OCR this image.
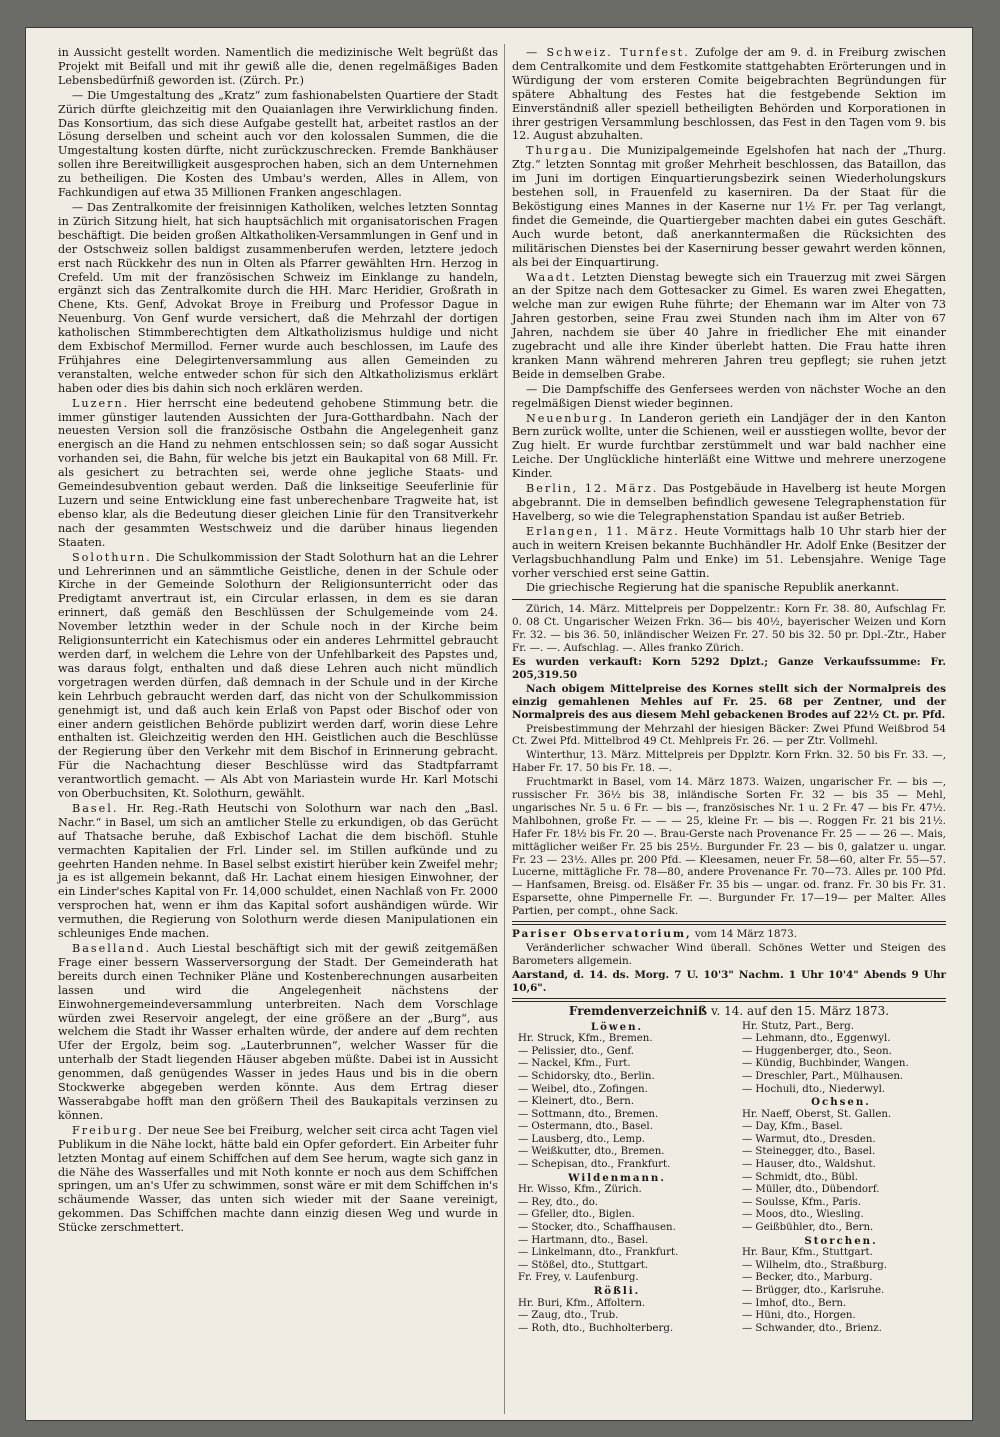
in Aussicht gestellt worden. Namentlich die medizinische Welt begrüßt das Projekt mit Beifall und mit ihr gewiß alle die, denen regelmäßiges Baden Lebensbedürfniß geworden ist. (Zürch. Pr.)

— Die Umgestaltung des „Kratz“ zum fashionabelsten Quartiere der Stadt Zürich dürfte gleichzeitig mit den Quaianlagen ihre Verwirklichung finden. Das Konsortium, das sich diese Aufgabe gestellt hat, arbeitet rastlos an der Lösung derselben und scheint auch vor den kolossalen Summen, die die Umgestaltung kosten dürfte, nicht zurückzuschrecken. Fremde Bankhäuser sollen ihre Bereitwilligkeit ausgesprochen haben, sich an dem Unternehmen zu betheiligen. Die Kosten des Umbau's werden, Alles in Allem, von Fachkundigen auf etwa 35 Millionen Franken angeschlagen.

— Das Zentralkomite der freisinnigen Katholiken, welches letzten Sonntag in Zürich Sitzung hielt, hat sich hauptsächlich mit organisatorischen Fragen beschäftigt. Die beiden großen Altkatholiken-Versammlungen in Genf und in der Ostschweiz sollen baldigst zusammenberufen werden, letztere jedoch erst nach Rückkehr des nun in Olten als Pfarrer gewählten Hrn. Herzog in Crefeld. Um mit der französischen Schweiz im Einklange zu handeln, ergänzt sich das Zentralkomite durch die HH. Marc Heridier, Großrath in Chene, Kts. Genf, Advokat Broye in Freiburg und Professor Dague in Neuenburg. Von Genf wurde versichert, daß die Mehrzahl der dortigen katholischen Stimmberechtigten dem Altkatholizismus huldige und nicht dem Exbischof Mermillod. Ferner wurde auch beschlossen, im Laufe des Frühjahres eine Delegirtenversammlung aus allen Gemeinden zu veranstalten, welche entweder schon für sich den Altkatholizismus erklärt haben oder dies bis dahin sich noch erklären werden.

Luzern. Hier herrscht eine bedeutend gehobene Stimmung betr. die immer günstiger lautenden Aussichten der Jura-Gotthardbahn. Nach der neuesten Version soll die französische Ostbahn die Angelegenheit ganz energisch an die Hand zu nehmen entschlossen sein; so daß sogar Aussicht vorhanden sei, die Bahn, für welche bis jetzt ein Baukapital von 68 Mill. Fr. als gesichert zu betrachten sei, werde ohne jegliche Staats- und Gemeindesubvention gebaut werden. Daß die linkseitige Seeuferlinie für Luzern und seine Entwicklung eine fast unberechenbare Tragweite hat, ist ebenso klar, als die Bedeutung dieser gleichen Linie für den Transitverkehr nach der gesammten Westschweiz und die darüber hinaus liegenden Staaten.

Solothurn. Die Schulkommission der Stadt Solothurn hat an die Lehrer und Lehrerinnen und an sämmtliche Geistliche, denen in der Schule oder Kirche in der Gemeinde Solothurn der Religionsunterricht oder das Predigtamt anvertraut ist, ein Circular erlassen, in dem es sie daran erinnert, daß gemäß den Beschlüssen der Schulgemeinde vom 24. November letzthin weder in der Schule noch in der Kirche beim Religionsunterricht ein Katechismus oder ein anderes Lehrmittel gebraucht werden darf, in welchem die Lehre von der Unfehlbarkeit des Papstes und, was daraus folgt, enthalten und daß diese Lehren auch nicht mündlich vorgetragen werden dürfen, daß demnach in der Schule und in der Kirche kein Lehrbuch gebraucht werden darf, das nicht von der Schulkommission genehmigt ist, und daß auch kein Erlaß von Papst oder Bischof oder von einer andern geistlichen Behörde publizirt werden darf, worin diese Lehre enthalten ist. Gleichzeitig werden den HH. Geistlichen auch die Beschlüsse der Regierung über den Verkehr mit dem Bischof in Erinnerung gebracht. Für die Nachachtung dieser Beschlüsse wird das Stadtpfarramt verantwortlich gemacht. — Als Abt von Mariastein wurde Hr. Karl Motschi von Oberbuchsiten, Kt. Solothurn, gewählt.

Basel. Hr. Reg.-Rath Heutschi von Solothurn war nach den „Basl. Nachr.“ in Basel, um sich an amtlicher Stelle zu erkundigen, ob das Gerücht auf Thatsache beruhe, daß Exbischof Lachat die dem bischöfl. Stuhle vermachten Kapitalien der Frl. Linder sel. im Stillen aufkünde und zu geehrten Handen nehme. In Basel selbst existirt hierüber kein Zweifel mehr; ja es ist allgemein bekannt, daß Hr. Lachat einem hiesigen Einwohner, der ein Linder'sches Kapital von Fr. 14,000 schuldet, einen Nachlaß von Fr. 2000 versprochen hat, wenn er ihm das Kapital sofort aushändigen würde. Wir vermuthen, die Regierung von Solothurn werde diesen Manipulationen ein schleuniges Ende machen.

Baselland. Auch Liestal beschäftigt sich mit der gewiß zeitgemäßen Frage einer bessern Wasserversorgung der Stadt. Der Gemeinderath hat bereits durch einen Techniker Pläne und Kostenberechnungen ausarbeiten lassen und wird die Angelegenheit nächstens der Einwohnergemeindeversammlung unterbreiten. Nach dem Vorschlage würden zwei Reservoir angelegt, der eine größere an der „Burg“, aus welchem die Stadt ihr Wasser erhalten würde, der andere auf dem rechten Ufer der Ergolz, beim sog. „Lauterbrunnen“, welcher Wasser für die unterhalb der Stadt liegenden Häuser abgeben müßte. Dabei ist in Aussicht genommen, daß genügendes Wasser in jedes Haus und bis in die obern Stockwerke abgegeben werden könnte. Aus dem Ertrag dieser Wasserabgabe hofft man den größern Theil des Baukapitals verzinsen zu können.

Freiburg. Der neue See bei Freiburg, welcher seit circa acht Tagen viel Publikum in die Nähe lockt, hätte bald ein Opfer gefordert. Ein Arbeiter fuhr letzten Montag auf einem Schiffchen auf dem See herum, wagte sich ganz in die Nähe des Wasserfalles und mit Noth konnte er noch aus dem Schiffchen springen, um an's Ufer zu schwimmen, sonst wäre er mit dem Schiffchen in's schäumende Wasser, das unten sich wieder mit der Saane vereinigt, gekommen. Das Schiffchen machte dann einzig diesen Weg und wurde in Stücke zerschmettert.

— Schweiz. Turnfest. Zufolge der am 9. d. in Freiburg zwischen dem Centralkomite und dem Festkomite stattgehabten Erörterungen und in Würdigung der vom ersteren Comite beigebrachten Begründungen für spätere Abhaltung des Festes hat die festgebende Sektion im Einverständniß aller speziell betheiligten Behörden und Korporationen in ihrer gestrigen Versammlung beschlossen, das Fest in den Tagen vom 9. bis 12. August abzuhalten.

Thurgau. Die Munizipalgemeinde Egelshofen hat nach der „Thurg. Ztg.“ letzten Sonntag mit großer Mehrheit beschlossen, das Bataillon, das im Juni im dortigen Einquartierungsbezirk seinen Wiederholungskurs bestehen soll, in Frauenfeld zu kaserniren. Da der Staat für die Beköstigung eines Mannes in der Kaserne nur 1½ Fr. per Tag verlangt, findet die Gemeinde, die Quartiergeber machten dabei ein gutes Geschäft. Auch wurde betont, daß anerkanntermaßen die Rücksichten des militärischen Dienstes bei der Kasernirung besser gewahrt werden können, als bei der Einquartirung.

Waadt. Letzten Dienstag bewegte sich ein Trauerzug mit zwei Särgen an der Spitze nach dem Gottesacker zu Gimel. Es waren zwei Ehegatten, welche man zur ewigen Ruhe führte; der Ehemann war im Alter von 73 Jahren gestorben, seine Frau zwei Stunden nach ihm im Alter von 67 Jahren, nachdem sie über 40 Jahre in friedlicher Ehe mit einander zugebracht und alle ihre Kinder überlebt hatten. Die Frau hatte ihren kranken Mann während mehreren Jahren treu gepflegt; sie ruhen jetzt Beide in demselben Grabe.

— Die Dampfschiffe des Genfersees werden von nächster Woche an den regelmäßigen Dienst wieder beginnen.

Neuenburg. In Landeron gerieth ein Landjäger der in den Kanton Bern zurück wollte, unter die Schienen, weil er ausstiegen wollte, bevor der Zug hielt. Er wurde furchtbar zerstümmelt und war bald nachher eine Leiche. Der Unglückliche hinterläßt eine Wittwe und mehrere unerzogene Kinder.

Berlin, 12. März. Das Postgebäude in Havelberg ist heute Morgen abgebrannt. Die in demselben befindlich gewesene Telegraphenstation für Havelberg, so wie die Telegraphenstation Spandau ist außer Betrieb.

Erlangen, 11. März. Heute Vormittags halb 10 Uhr starb hier der auch in weitern Kreisen bekannte Buchhändler Hr. Adolf Enke (Besitzer der Verlagsbuchhandlung Palm und Enke) im 51. Lebensjahre. Wenige Tage vorher verschied erst seine Gattin.

Die griechische Regierung hat die spanische Republik anerkannt.

Zürich, 14. März. Mittelpreis per Doppelzentr.: Korn Fr. 38. 80, Aufschlag Fr. 0. 08 Ct. Ungarischer Weizen Frkn. 36— bis 40½, bayerischer Weizen und Korn Fr. 32. — bis 36. 50, inländischer Weizen Fr. 27. 50 bis 32. 50 pr. Dpl.-Ztr., Haber Fr. —. —. Aufschlag. —. Alles franko Zürich.

Es wurden verkauft: Korn 5292 Dplzt.; Ganze Verkaufssumme: Fr. 205,319.50

Nach obigem Mittelpreise des Kornes stellt sich der Normalpreis des einzig gemahlenen Mehles auf Fr. 25. 68 per Zentner, und der Normalpreis des aus diesem Mehl gebackenen Brodes auf 22½ Ct. pr. Pfd.

Preisbestimmung der Mehrzahl der hiesigen Bäcker: Zwei Pfund Weißbrod 54 Ct. Zwei Pfd. Mittelbrod 49 Ct. Mehlpreis Fr. 26. — per Ztr. Vollmehl.

Winterthur, 13. März. Mittelpreis per Dpplztr. Korn Frkn. 32. 50 bis Fr. 33. —, Haber Fr. 17. 50 bis Fr. 18. —.

Fruchtmarkt in Basel, vom 14. März 1873. Waizen, ungarischer Fr. — bis —, russischer Fr. 36½ bis 38, inländische Sorten Fr. 32 — bis 35 — Mehl, ungarisches Nr. 5 u. 6 Fr. — bis —, französisches Nr. 1 u. 2 Fr. 47 — bis Fr. 47½. Mahlbohnen, große Fr. — — — 25, kleine Fr. — bis —. Roggen Fr. 21 bis 21½. Hafer Fr. 18½ bis Fr. 20 —. Brau-Gerste nach Provenance Fr. 25 — — 26 —. Mais, mittäglicher weißer Fr. 25 bis 25½. Burgunder Fr. 23 — bis 0, galatzer u. ungar. Fr. 23 — 23½. Alles pr. 200 Pfd. — Kleesamen, neuer Fr. 58—60, alter Fr. 55—57. Lucerne, mittägliche Fr. 78—80, andere Provenance Fr. 70—73. Alles pr. 100 Pfd. — Hanfsamen, Breisg. od. Elsäßer Fr. 35 bis — ungar. od. franz. Fr. 30 bis Fr. 31. Esparsette, ohne Pimpernelle Fr. —. Burgunder Fr. 17—19— per Malter. Alles Partien, per compt., ohne Sack.

Pariser Observatorium, vom 14 März 1873.

Veränderlicher schwacher Wind überall. Schönes Wetter und Steigen des Barometers allgemein.

Aarstand, d. 14. ds. Morg. 7 U. 10'3" Nachm. 1 Uhr 10'4" Abends 9 Uhr 10,6".

Fremdenverzeichniß v. 14. auf den 15. März 1873.
Löwen.
Hr. Struck, Kfm., Bremen.
— Pelissier, dto., Genf.
— Nackel, Kfm., Furt.
— Schidorsky, dto., Berlin.
— Weibel, dto., Zofingen.
— Kleinert, dto., Bern.
— Sottmann, dto., Bremen.
— Ostermann, dto., Basel.
— Lausberg, dto., Lemp.
— Weißkutter, dto., Bremen.
— Schepisan, dto., Frankfurt.
Wildenmann.
Hr. Wisso, Kfm., Zürich.
— Rey, dto., do.
— Gfeller, dto., Biglen.
— Stocker, dto., Schaffhausen.
— Hartmann, dto., Basel.
— Linkelmann, dto., Frankfurt.
— Stößel, dto., Stuttgart.
Fr. Frey, v. Laufenburg.
Rößli.
Hr. Buri, Kfm., Affoltern.
— Zaug, dto., Trub.
— Roth, dto., Buchholterberg.
Hr. Stutz, Part., Berg.
— Lehmann, dto., Eggenwyl.
— Huggenberger, dto., Seon.
— Kündig, Buchbinder, Wangen.
— Dreschler, Part., Mülhausen.
— Hochuli, dto., Niederwyl.
Ochsen.
Hr. Naeff, Oberst, St. Gallen.
— Day, Kfm., Basel.
— Warmut, dto., Dresden.
— Steinegger, dto., Basel.
— Hauser, dto., Waldshut.
— Schmidt, dto., Bübl.
— Müller, dto., Dübendorf.
— Soulsse, Kfm., Paris.
— Moos, dto., Wiesling.
— Geißbühler, dto., Bern.
Storchen.
Hr. Baur, Kfm., Stuttgart.
— Wilhelm, dto., Straßburg.
— Becker, dto., Marburg.
— Brügger, dto., Karlsruhe.
— Imhof, dto., Bern.
— Hüni, dto., Horgen.
— Schwander, dto., Brienz.
